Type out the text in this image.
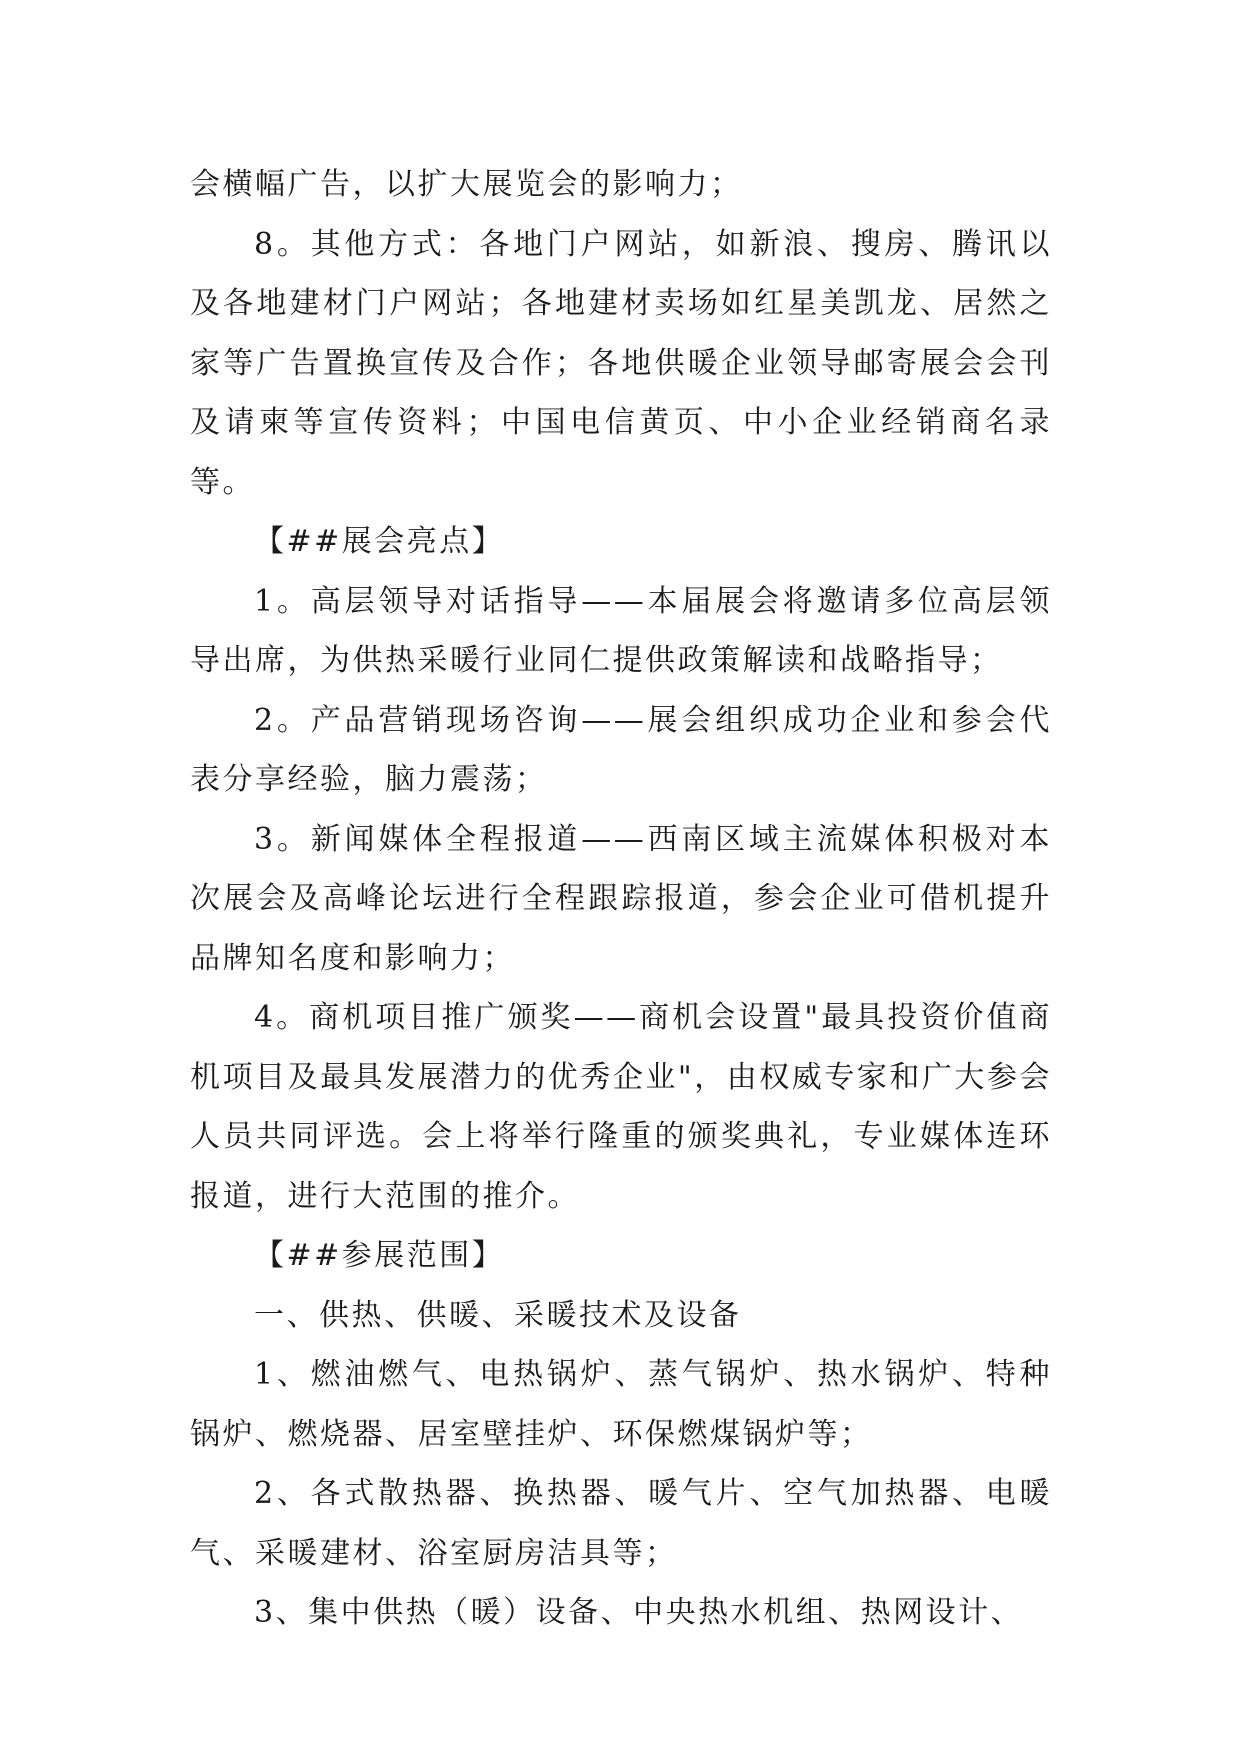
会横幅广告，以扩大展览会的影响力；

8。其他方式：各地门户网站，如新浪、搜房、腾讯以及各地建材门户网站；各地建材卖场如红星美凯龙、居然之家等广告置换宣传及合作；各地供暖企业领导邮寄展会会刊及请柬等宣传资料；中国电信黄页、中小企业经销商名录等。

【##展会亮点】

1。高层领导对话指导——本届展会将邀请多位高层领导出席，为供热采暖行业同仁提供政策解读和战略指导；

2。产品营销现场咨询——展会组织成功企业和参会代表分享经验，脑力震荡；

3。新闻媒体全程报道——西南区域主流媒体积极对本次展会及高峰论坛进行全程跟踪报道，参会企业可借机提升品牌知名度和影响力；

4。商机项目推广颁奖——商机会设置"最具投资价值商机项目及最具发展潜力的优秀企业"，由权威专家和广大参会人员共同评选。会上将举行隆重的颁奖典礼，专业媒体连环报道，进行大范围的推介。

【##参展范围】

一、供热、供暖、采暖技术及设备

1、燃油燃气、电热锅炉、蒸气锅炉、热水锅炉、特种锅炉、燃烧器、居室壁挂炉、环保燃煤锅炉等；

2、各式散热器、换热器、暖气片、空气加热器、电暖气、采暖建材、浴室厨房洁具等；

3、集中供热（暖）设备、中央热水机组、热网设计、
